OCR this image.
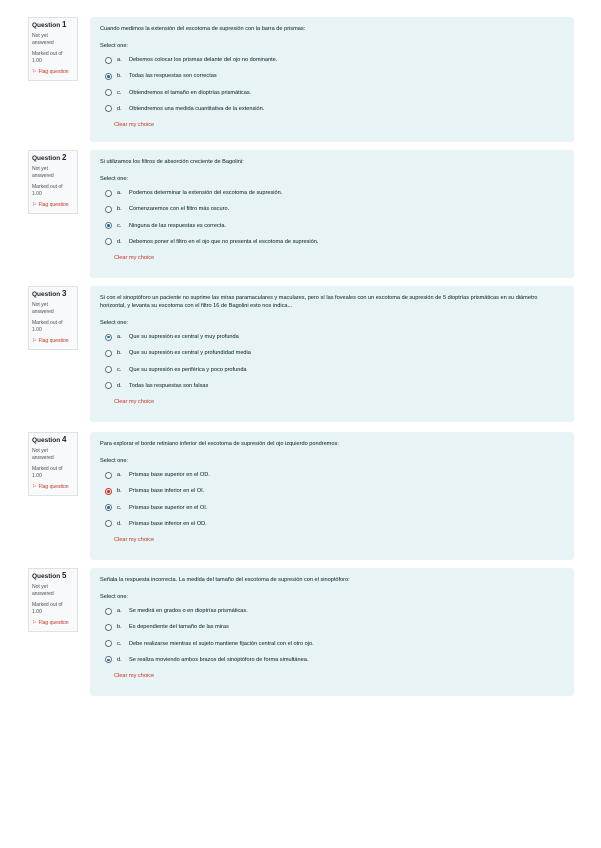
Question 1
Not yet
answered
Marked out of
1.00
⚐ Flag question
Cuando medimos la extensión del escotoma de supresión con la barra de prismas:
Select one:
a.	Debemos colocar los prismas delante del ojo no dominante.
b.	Todas las respuestas son correctas
c.	Obtendremos el tamaño en dioptrías prismáticas.
d.	Obtendremos una medida cuantitativa de la extensión.
Clear my choice
Question 2
Not yet
answered
Marked out of
1.00
⚐ Flag question
Si utilizamos los filtros de absorción creciente de Bagolini:
Select one:
a.	Podemos determinar la extensión del escotoma de supresión.
b.	Comenzaremos con el filtro más oscuro.
c.	Ninguna de las respuestas es correcta.
d.	Debemos poner el filtro en el ojo que no presenta el escotoma de supresión.
Clear my choice
Question 3
Not yet
answered
Marked out of
1.00
⚐ Flag question
Si con el sinoptóforo un paciente no suprime las miras paramaculares y maculares, pero sí las foveales con un escotoma de supresión de 5 dioptrías prismáticas en su diámetro horizontal, y levanta su escotoma con el filtro 16 de Bagolini esto nos indica...
Select one:
a.	Que su supresión es central y muy profunda
b.	Que su supresión es central y profundidad media
c.	Que su supresión es periférica y poco profunda
d.	Todas las respuestas son falsas
Clear my choice
Question 4
Not yet
answered
Marked out of
1.00
⚐ Flag question
Para explorar el borde retiniano inferior del escotoma de supresión del ojo izquierdo pondremos:
Select one:
a.	Prismas base superior en el OD.
b.	Prismas base inferior en el OI.
c.	Prismas base superior en el OI.
d.	Prismas base inferior en el OD.
Clear my choice
Question 5
Not yet
answered
Marked out of
1.00
⚐ Flag question
Señala la respuesta incorrecta. La medida del tamaño del escotoma de supresión con el sinoptóforo:
Select one:
a.	Se medirá en grados o en dioptrías prismáticas.
b.	Es dependiente del tamaño de las miras
c.	Debe realizarse mientras el sujeto mantiene fijación central con el otro ojo.
d.	Se realiza moviendo ambos brazos del sinoptóforo de forma simultánea.
Clear my choice
